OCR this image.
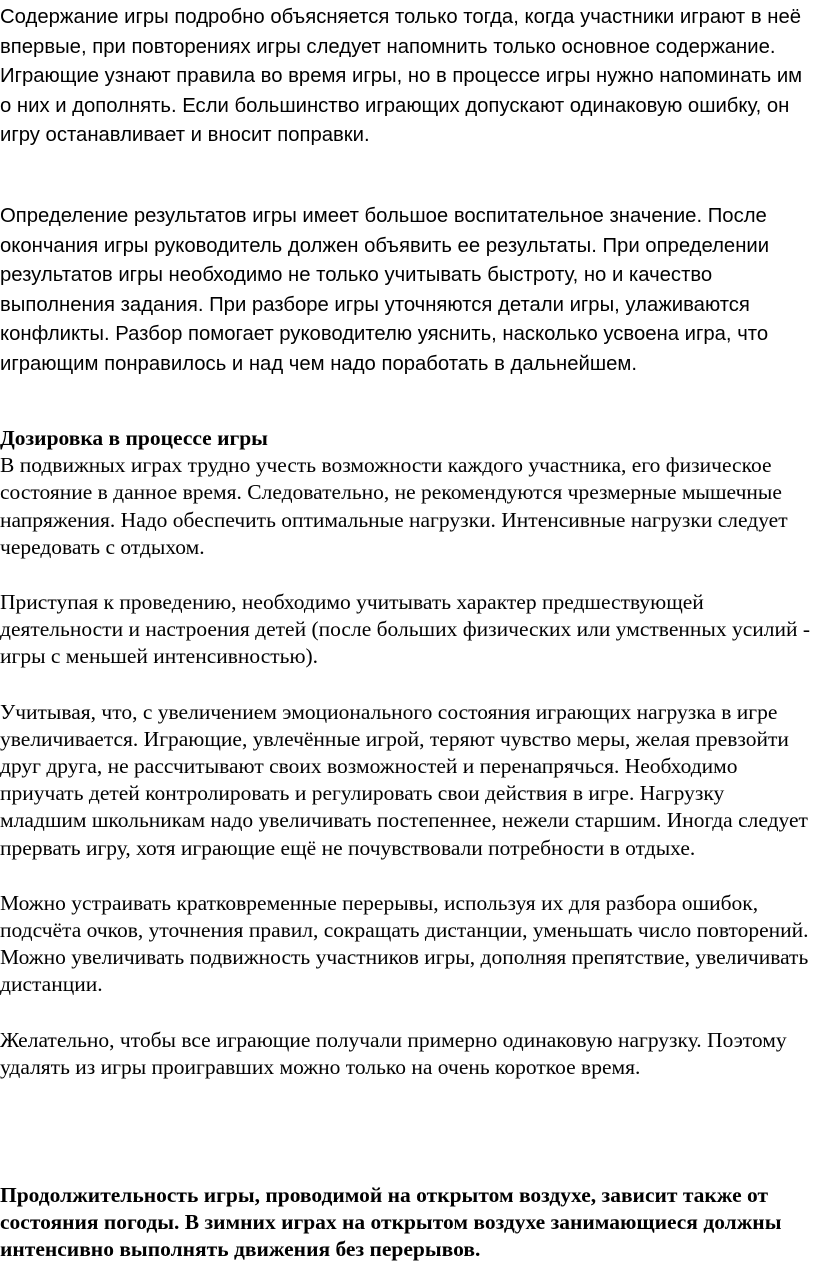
Содержание игры подробно объясняется только тогда, когда участники играют в неё впервые, при повторениях игры следует напомнить только основное содержание. Играющие узнают правила во время игры, но в процессе игры нужно напоминать им о них и дополнять. Если большинство играющих допускают одинаковую ошибку, он игру останавливает и вносит поправки.

Определение результатов игры имеет большое воспитательное значение. После окончания игры руководитель должен объявить ее результаты. При определении результатов игры необходимо не только учитывать быстроту, но и качество выполнения задания. При разборе игры уточняются детали игры, улаживаются конфликты. Разбор помогает руководителю уяснить, насколько усвоена игра, что играющим понравилось и над чем надо поработать в дальнейшем.

Дозировка в процессе игры

В подвижных играх трудно учесть возможности каждого участника, его физическое состояние в данное время. Следовательно, не рекомендуются чрезмерные мышечные напряжения. Надо обеспечить оптимальные нагрузки. Интенсивные нагрузки следует чередовать с отдыхом.

Приступая к проведению, необходимо учитывать характер предшествующей деятельности и настроения детей (после больших физических или умственных усилий - игры с меньшей интенсивностью).

Учитывая, что, с увеличением эмоционального состояния играющих нагрузка в игре увеличивается. Играющие, увлечённые игрой, теряют чувство меры, желая превзойти друг друга, не рассчитывают своих возможностей и перенапрячься. Необходимо приучать детей контролировать и регулировать свои действия в игре. Нагрузку младшим школьникам надо увеличивать постепеннее, нежели старшим. Иногда следует прервать игру, хотя играющие ещё не почувствовали потребности в отдыхе.

Можно устраивать кратковременные перерывы, используя их для разбора ошибок, подсчёта очков, уточнения правил, сокращать дистанции, уменьшать число повторений. Можно увеличивать подвижность участников игры, дополняя препятствие, увеличивать дистанции.

Желательно, чтобы все играющие получали примерно одинаковую нагрузку. Поэтому удалять из игры проигравших можно только на очень короткое время.

Продолжительность игры, проводимой на открытом воздухе, зависит также от состояния погоды. В зимних играх на открытом воздухе занимающиеся должны интенсивно выполнять движения без перерывов.
